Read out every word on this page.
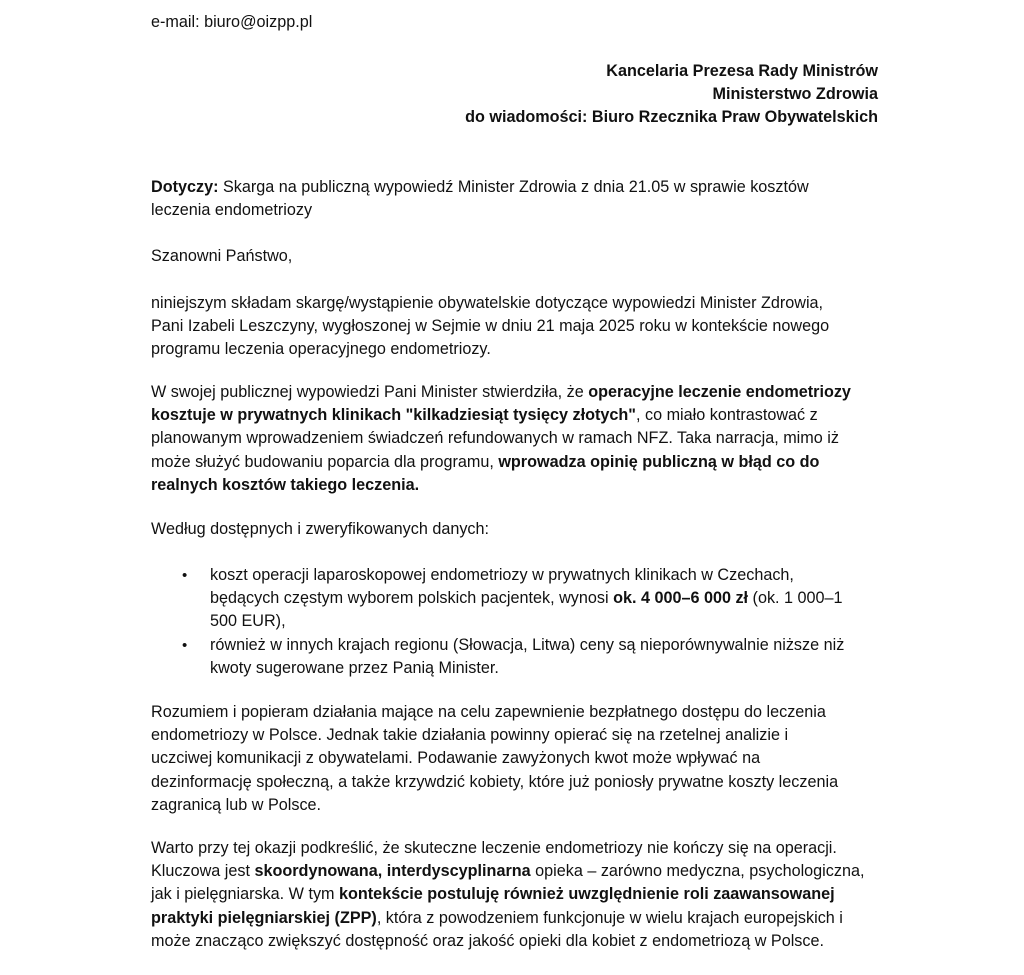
e-mail: biuro@oizpp.pl
Kancelaria Prezesa Rady Ministrów
Ministerstwo Zdrowia
do wiadomości: Biuro Rzecznika Praw Obywatelskich
Dotyczy: Skarga na publiczną wypowiedź Minister Zdrowia z dnia 21.05 w sprawie kosztów
leczenia endometriozy
Szanowni Państwo,
niniejszym składam skargę/wystąpienie obywatelskie dotyczące wypowiedzi Minister Zdrowia,
Pani Izabeli Leszczyny, wygłoszonej w Sejmie w dniu 21 maja 2025 roku w kontekście nowego
programu leczenia operacyjnego endometriozy.
W swojej publicznej wypowiedzi Pani Minister stwierdziła, że operacyjne leczenie endometriozy
kosztuje w prywatnych klinikach "kilkadziesiąt tysięcy złotych", co miało kontrastować z
planowanym wprowadzeniem świadczeń refundowanych w ramach NFZ. Taka narracja, mimo iż
może służyć budowaniu poparcia dla programu, wprowadza opinię publiczną w błąd co do
realnych kosztów takiego leczenia.
Według dostępnych i zweryfikowanych danych:
•	koszt operacji laparoskopowej endometriozy w prywatnych klinikach w Czechach,
będących częstym wyborem polskich pacjentek, wynosi ok. 4 000–6 000 zł (ok. 1 000–1
500 EUR),
•	również w innych krajach regionu (Słowacja, Litwa) ceny są nieporównywalnie niższe niż
kwoty sugerowane przez Panią Minister.
Rozumiem i popieram działania mające na celu zapewnienie bezpłatnego dostępu do leczenia
endometriozy w Polsce. Jednak takie działania powinny opierać się na rzetelnej analizie i
uczciwej komunikacji z obywatelami. Podawanie zawyżonych kwot może wpływać na
dezinformację społeczną, a także krzywdzić kobiety, które już poniosły prywatne koszty leczenia
zagranicą lub w Polsce.
Warto przy tej okazji podkreślić, że skuteczne leczenie endometriozy nie kończy się na operacji.
Kluczowa jest skoordynowana, interdyscyplinarna opieka – zarówno medyczna, psychologiczna,
jak i pielęgniarska. W tym kontekście postuluję również uwzględnienie roli zaawansowanej
praktyki pielęgniarskiej (ZPP), która z powodzeniem funkcjonuje w wielu krajach europejskich i
może znacząco zwiększyć dostępność oraz jakość opieki dla kobiet z endometriozą w Polsce.
